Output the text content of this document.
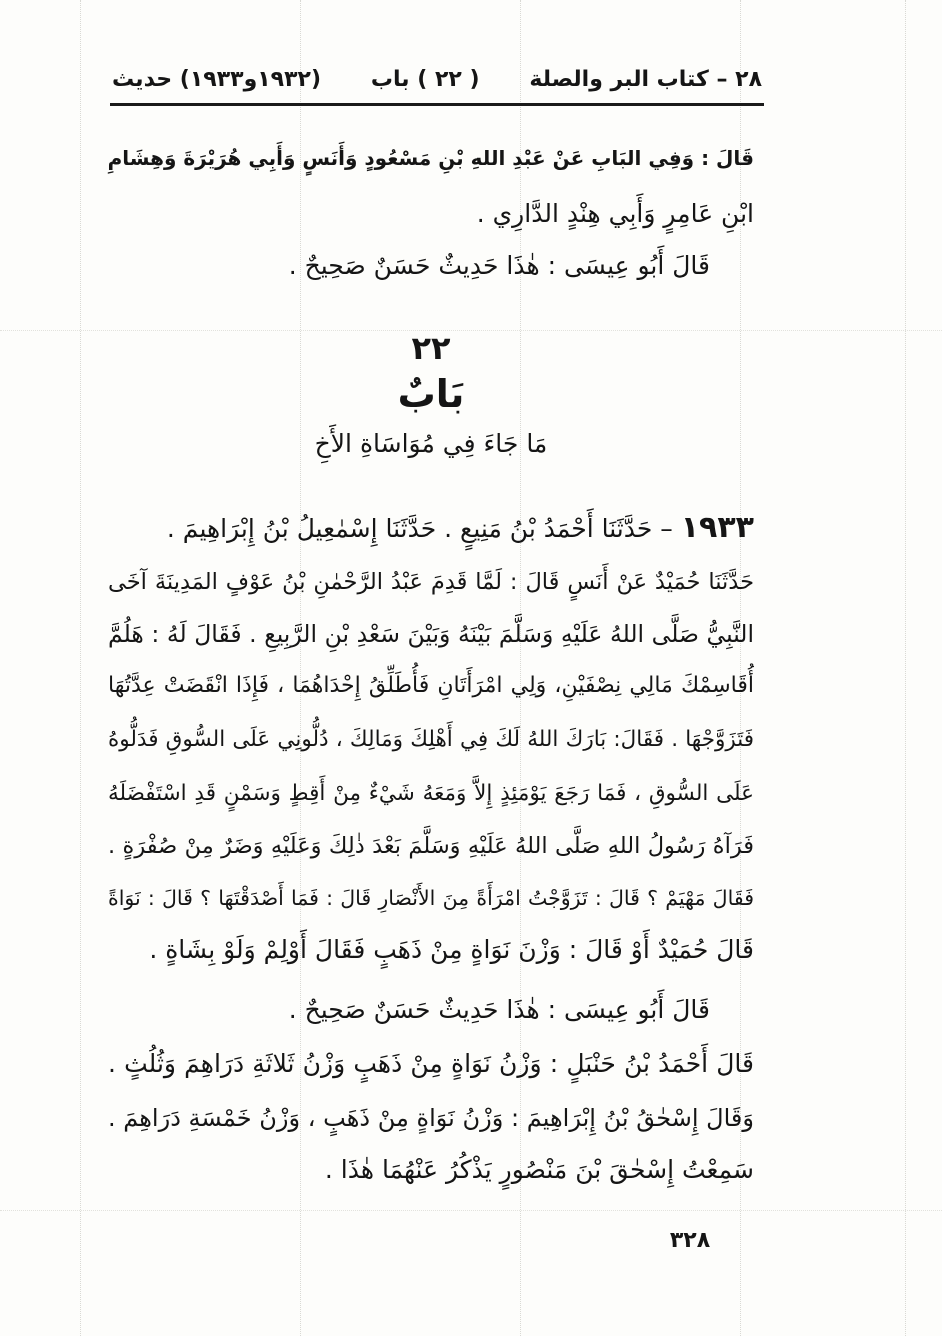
٢٨ – كتاب البر والصلة
( ٢٢ ) باب
(١٩٣٢و١٩٣٣) حديث
قَالَ : وَفِي البَابِ عَنْ عَبْدِ اللهِ بْنِ مَسْعُودٍ وَأَنَسٍ وَأَبِي هُرَيْرَةَ وَهِشَامِ
ابْنِ عَامِرٍ وَأَبِي هِنْدٍ الدَّارِي .
قَالَ أَبُو عِيسَى : هٰذَا حَدِيثٌ حَسَنٌ صَحِيحٌ .
٢٢
بَابٌ
مَا جَاءَ فِي مُوَاسَاةِ الأَخِ
١٩٣٣ – حَدَّثَنَا أَحْمَدُ بْنُ مَنِيعٍ . حَدَّثَنَا إِسْمٰعِيلُ بْنُ إِبْرَاهِيمَ .
حَدَّثَنَا حُمَيْدٌ عَنْ أَنَسٍ قَالَ : لَمَّا قَدِمَ عَبْدُ الرَّحْمٰنِ بْنُ عَوْفٍ المَدِينَةَ آخَى
النَّبِيُّ صَلَّى اللهُ عَلَيْهِ وَسَلَّمَ بَيْنَهُ وَبَيْنَ سَعْدِ بْنِ الرَّبِيعِ . فَقَالَ لَهُ : هَلُمَّ
أُقَاسِمْكَ مَالِي نِصْفَيْنِ، وَلِي امْرَأَتَانِ فَأُطَلِّقُ إِحْدَاهُمَا ، فَإِذَا انْقَضَتْ عِدَّتُهَا
فَتَزَوَّجْهَا . فَقَالَ: بَارَكَ اللهُ لَكَ فِي أَهْلِكَ وَمَالِكَ ، دُلُّونِي عَلَى السُّوقِ فَدَلُّوهُ
عَلَى السُّوقِ ، فَمَا رَجَعَ يَوْمَئِذٍ إِلاَّ وَمَعَهُ شَيْءٌ مِنْ أَقِطٍ وَسَمْنٍ قَدِ اسْتَفْضَلَهُ
فَرَآهُ رَسُولُ اللهِ صَلَّى اللهُ عَلَيْهِ وَسَلَّمَ بَعْدَ ذٰلِكَ وَعَلَيْهِ وَضَرٌ مِنْ صُفْرَةٍ .
فَقَالَ مَهْيَمْ ؟ قَالَ : تَزَوَّجْتُ امْرَأَةً مِنَ الأَنْصَارِ قَالَ : فَمَا أَصْدَقْتَهَا ؟ قَالَ : نَوَاةً
قَالَ حُمَيْدٌ أَوْ قَالَ : وَزْنَ نَوَاةٍ مِنْ ذَهَبٍ فَقَالَ أَوْلِمْ وَلَوْ بِشَاةٍ .
قَالَ أَبُو عِيسَى : هٰذَا حَدِيثٌ حَسَنٌ صَحِيحٌ .
قَالَ أَحْمَدُ بْنُ حَنْبَلٍ : وَزْنُ نَوَاةٍ مِنْ ذَهَبٍ وَزْنُ ثَلاثَةِ دَرَاهِمَ وَثُلُثٍ .
وَقَالَ إِسْحٰقُ بْنُ إِبْرَاهِيمَ : وَزْنُ نَوَاةٍ مِنْ ذَهَبٍ ، وَزْنُ خَمْسَةِ دَرَاهِمَ .
سَمِعْتُ إِسْحٰقَ بْنَ مَنْصُورٍ يَذْكُرُ عَنْهُمَا هٰذَا .
٣٢٨
